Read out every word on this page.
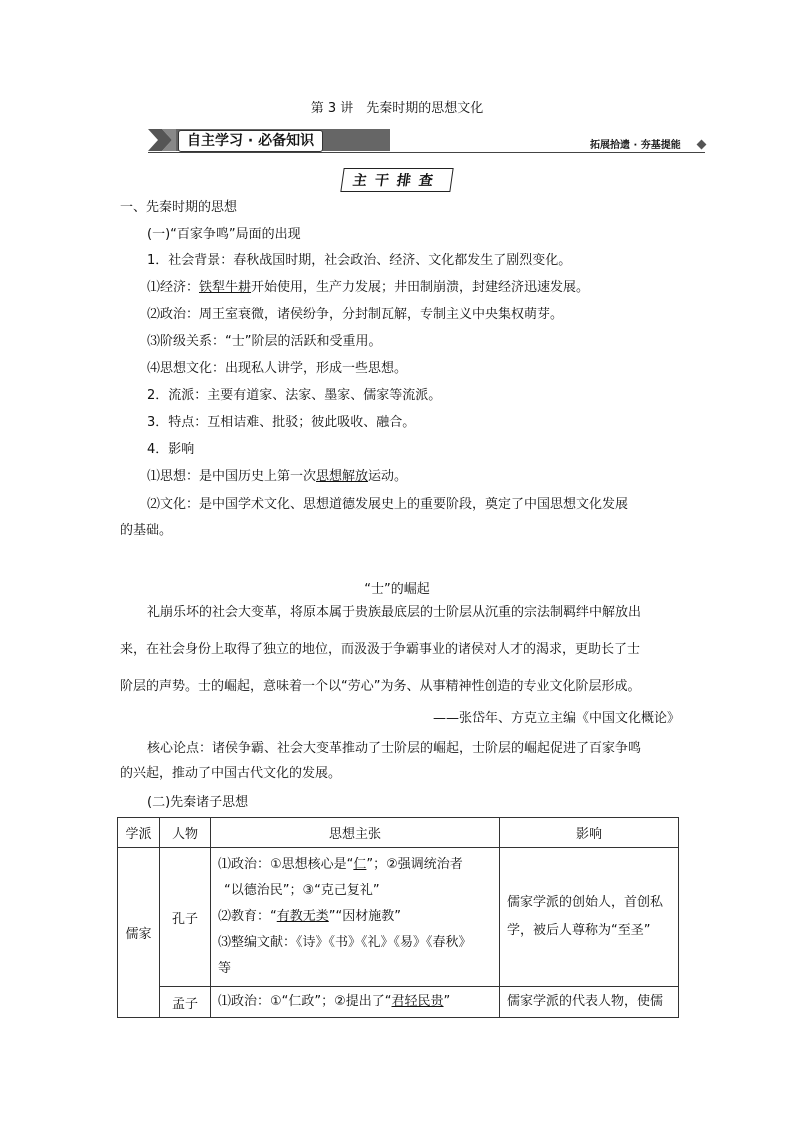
第 3 讲　先秦时期的思想文化
自主学习 · 必备知识	拓展拾遗 · 夯基提能
主干排查
一、先秦时期的思想
(一)“百家争鸣”局面的出现
1．社会背景：春秋战国时期，社会政治、经济、文化都发生了剧烈变化。
⑴经济：铁犁牛耕开始使用，生产力发展；井田制崩溃，封建经济迅速发展。
⑵政治：周王室衰微，诸侯纷争，分封制瓦解，专制主义中央集权萌芽。
⑶阶级关系：“士”阶层的活跃和受重用。
⑷思想文化：出现私人讲学，形成一些思想。
2．流派：主要有道家、法家、墨家、儒家等流派。
3．特点：互相诘难、批驳；彼此吸收、融合。
4．影响
⑴思想：是中国历史上第一次思想解放运动。
⑵文化：是中国学术文化、思想道德发展史上的重要阶段，奠定了中国思想文化发展
的基础。
“士”的崛起
礼崩乐坏的社会大变革，将原本属于贵族最底层的士阶层从沉重的宗法制羁绊中解放出
来，在社会身份上取得了独立的地位，而汲汲于争霸事业的诸侯对人才的渴求，更助长了士
阶层的声势。士的崛起，意味着一个以“劳心”为务、从事精神性创造的专业文化阶层形成。
——张岱年、方克立主编《中国文化概论》
核心论点：诸侯争霸、社会大变革推动了士阶层的崛起，士阶层的崛起促进了百家争鸣
的兴起，推动了中国古代文化的发展。
(二)先秦诸子思想
学派	人物	思想主张	影响
儒家	孔子	⑴政治：①思想核心是“仁”；②强调统治者
“以德治民”；③“克己复礼”
⑵教育：“有教无类”“因材施教”
⑶整编文献：《诗》《书》《礼》《易》《春秋》
等	儒家学派的创始人，首创私学，被后人尊称为“至圣”

	孟子	⑴政治：①“仁政”；②提出了“君轻民贵”	儒家学派的代表人物，使儒
